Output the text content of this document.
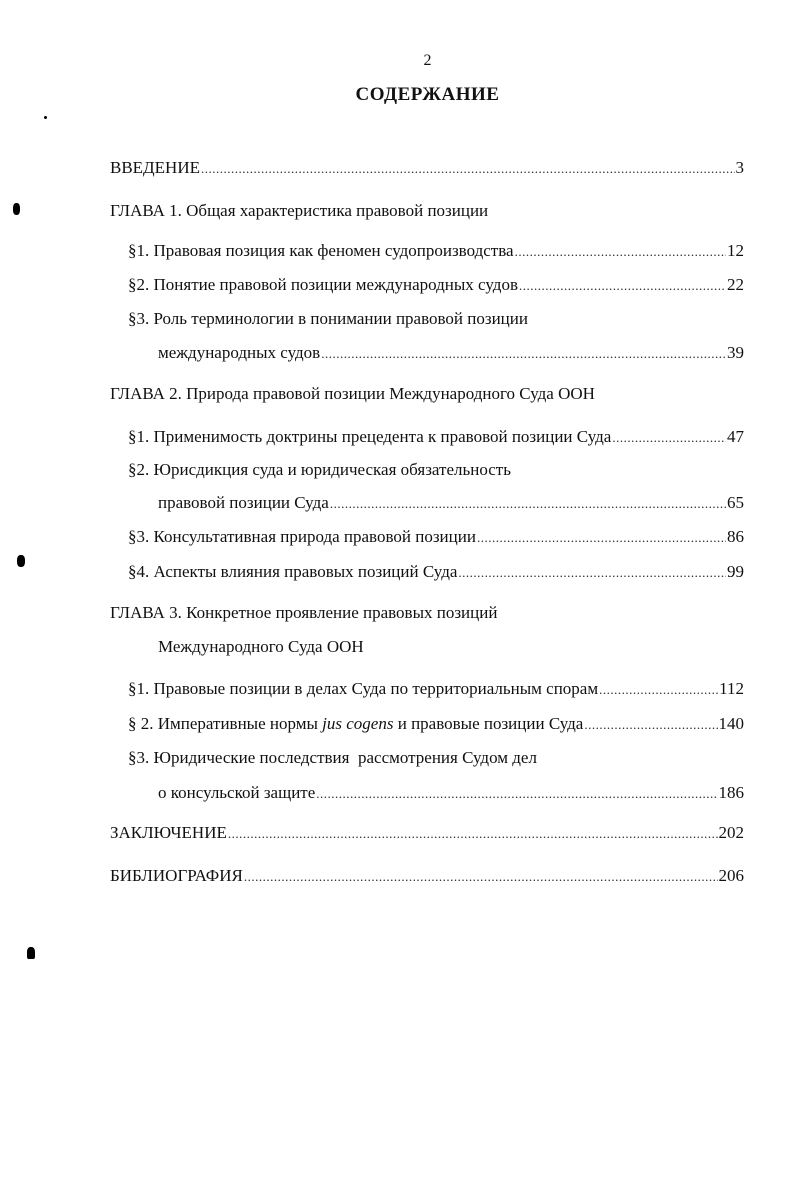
2
СОДЕРЖАНИЕ
ВВЕДЕНИЕ .....	3
ГЛАВА 1. Общая характеристика правовой позиции
§1. Правовая позиция как феномен судопроизводства .....	12
§2. Понятие правовой позиции международных судов .....	22
§3. Роль терминологии в понимании правовой позиции
международных судов .....	39
ГЛАВА 2. Природа правовой позиции Международного Суда ООН
§1. Применимость доктрины прецедента к правовой позиции Суда .....	47
§2. Юрисдикция суда и юридическая обязательность
правовой позиции Суда .....	65
§3. Консультативная природа правовой позиции .....	86
§4. Аспекты влияния правовых позиций Суда .....	99
ГЛАВА 3. Конкретное проявление правовых позиций
Международного Суда ООН
§1. Правовые позиции в делах Суда по территориальным спорам .....	112
§ 2. Императивные нормы jus cogens и правовые позиции Суда .....	140
§3. Юридические последствия  рассмотрения Судом дел
о консульской защите .....	186
ЗАКЛЮЧЕНИЕ .....	202
БИБЛИОГРАФИЯ .....	206
